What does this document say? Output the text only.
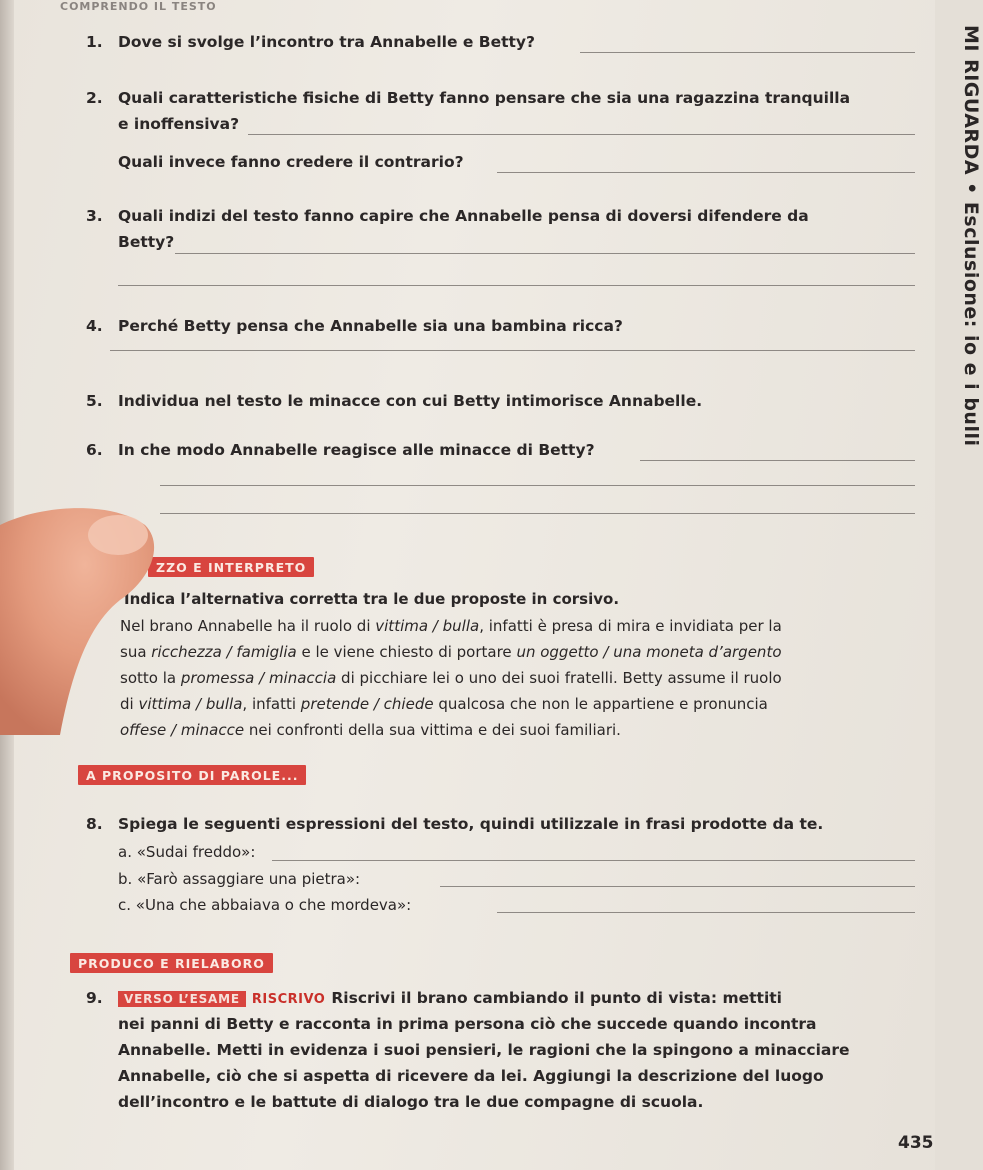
COMPRENDO IL TESTO
MI RIGUARDA • Esclusione: io e i bulli
1. Dove si svolge l’incontro tra Annabelle e Betty?
2. Quali caratteristiche fisiche di Betty fanno pensare che sia una ragazzina tranquilla
e inoffensiva?
Quali invece fanno credere il contrario?
3. Quali indizi del testo fanno capire che Annabelle pensa di doversi difendere da
Betty?
4. Perché Betty pensa che Annabelle sia una bambina ricca?
5. Individua nel testo le minacce con cui Betty intimorisce Annabelle.
6. In che modo Annabelle reagisce alle minacce di Betty?
ZZO E INTERPRETO
Indica l’alternativa corretta tra le due proposte in corsivo.
Nel brano Annabelle ha il ruolo di vittima / bulla, infatti è presa di mira e invidiata per la
sua ricchezza / famiglia e le viene chiesto di portare un oggetto / una moneta d’argento
sotto la promessa / minaccia di picchiare lei o uno dei suoi fratelli. Betty assume il ruolo
di vittima / bulla, infatti pretende / chiede qualcosa che non le appartiene e pronuncia
offese / minacce nei confronti della sua vittima e dei suoi familiari.
A PROPOSITO DI PAROLE...
8. Spiega le seguenti espressioni del testo, quindi utilizzale in frasi prodotte da te.
a. «Sudai freddo»:
b. «Farò assaggiare una pietra»:
c. «Una che abbaiava o che mordeva»:
PRODUCO E RIELABORO
9. VERSO L’ESAME RISCRIVO Riscrivi il brano cambiando il punto di vista: mettiti
nei panni di Betty e racconta in prima persona ciò che succede quando incontra
Annabelle. Metti in evidenza i suoi pensieri, le ragioni che la spingono a minacciare
Annabelle, ciò che si aspetta di ricevere da lei. Aggiungi la descrizione del luogo
dell’incontro e le battute di dialogo tra le due compagne di scuola.
435
